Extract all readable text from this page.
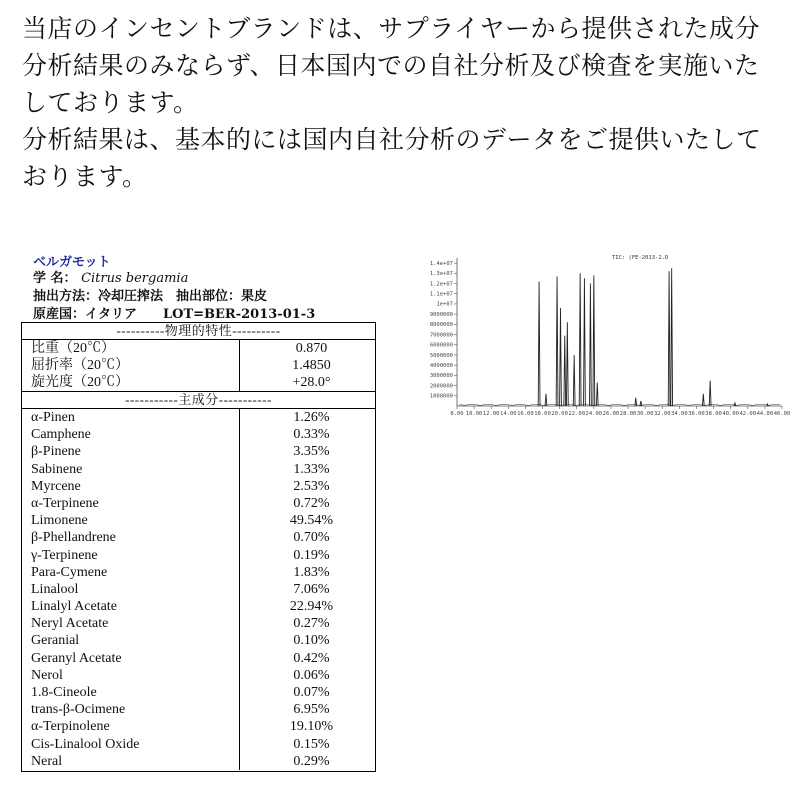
当店のインセントブランドは、サプライヤーから提供された成分分析結果のみならず、日本国内での自社分析及び検査を実施いたしております。

分析結果は、基本的には国内自社分析のデータをご提供いたしております。

ベルガモット
学 名： Citrus bergamia
抽出方法：冷却圧搾法　抽出部位：果皮
原産国：イタリア　　LOT=BER-2013-01-3
----------物理的特性----------
比重（20℃）	0.870
屈折率（20℃）	1.4850
旋光度（20℃）	+28.0°
-----------主成分-----------
α-Pinen	1.26%
Camphene	0.33%
β-Pinene	3.35%
Sabinene	1.33%
Myrcene	2.53%
α-Terpinene	0.72%
Limonene	49.54%
β-Phellandrene	0.70%
γ-Terpinene	0.19%
Para-Cymene	1.83%
Linalool	7.06%
Linalyl Acetate	22.94%
Neryl Acetate	0.27%
Geranial	0.10%
Geranyl Acetate	0.42%
Nerol	0.06%
1.8-Cineole	0.07%
trans-β-Ocimene	6.95%
α-Terpinolene	19.10%
Cis-Linalool Oxide	0.15%
Neral	0.29%
TIC: (FE-2013-2.D
1.4e+07
1.3e+07
1.2e+07
1.1e+07
1e+07
9000000
8000000
7000000
6000000
5000000
4000000
3000000
2000000
1000000
8.00 10.00 12.00 14.00 16.00 18.00 20.00 22.00 24.00 26.00 28.00 30.00 32.00 34.00 36.00 38.00 40.00 42.00 44.00 46.00
